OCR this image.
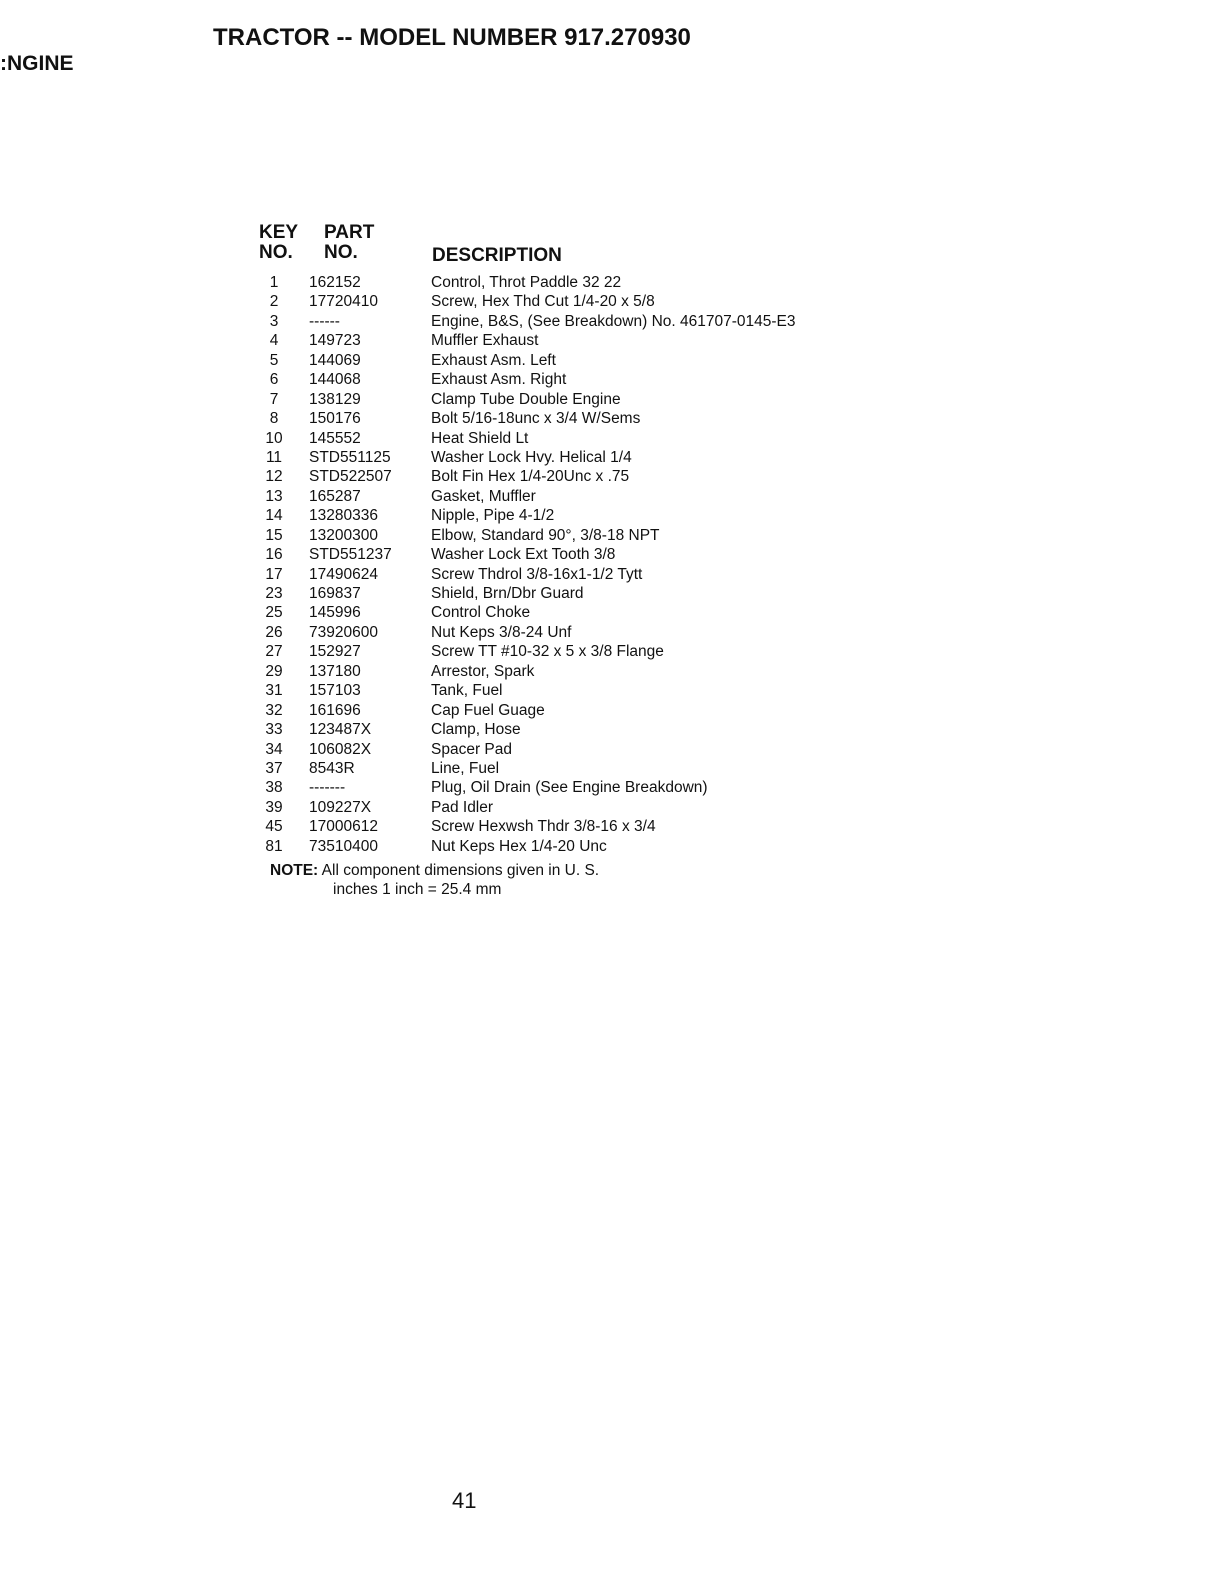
TRACTOR -- MODEL NUMBER 917.270930
:NGINE
KEY
NO.
PART
NO.	DESCRIPTION
1	162152	Control, Throt Paddle 32 22
2	17720410	Screw, Hex Thd Cut 1/4-20 x 5/8
3	------	Engine, B&S, (See Breakdown) No. 461707-0145-E3
4	149723	Muffler Exhaust
5	144069	Exhaust Asm. Left
6	144068	Exhaust Asm. Right
7	138129	Clamp Tube Double Engine
8	150176	Bolt 5/16-18unc x 3/4 W/Sems
10	145552	Heat Shield Lt
11	STD551125	Washer Lock Hvy. Helical 1/4
12	STD522507	Bolt Fin Hex 1/4-20Unc x .75
13	165287	Gasket, Muffler
14	13280336	Nipple, Pipe 4-1/2
15	13200300	Elbow, Standard 90°, 3/8-18 NPT
16	STD551237	Washer Lock Ext Tooth 3/8
17	17490624	Screw Thdrol 3/8-16x1-1/2 Tytt
23	169837	Shield, Brn/Dbr Guard
25	145996	Control Choke
26	73920600	Nut Keps 3/8-24 Unf
27	152927	Screw TT #10-32 x 5 x 3/8 Flange
29	137180	Arrestor, Spark
31	157103	Tank, Fuel
32	161696	Cap Fuel Guage
33	123487X	Clamp, Hose
34	106082X	Spacer Pad
37	8543R	Line, Fuel
38	-------	Plug, Oil Drain (See Engine Breakdown)
39	109227X	Pad Idler
45	17000612	Screw Hexwsh Thdr 3/8-16 x 3/4
81	73510400	Nut Keps Hex 1/4-20 Unc
NOTE: All component dimensions given in U. S.
inches 1 inch = 25.4 mm
41
